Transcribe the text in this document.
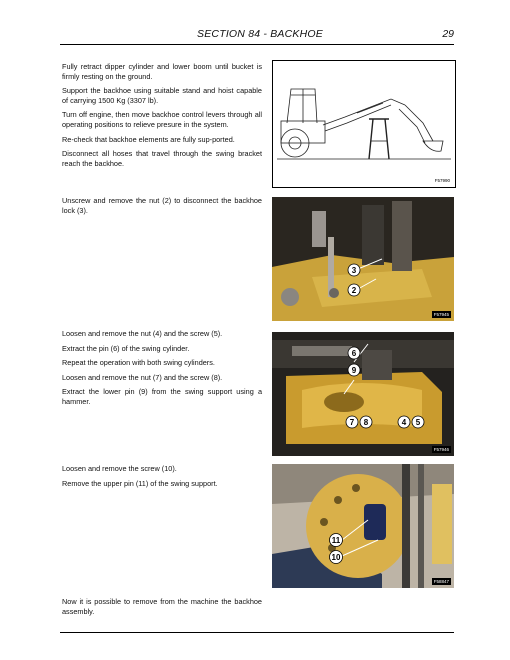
SECTION 84 - BACKHOE	29

Fully retract dipper cylinder and lower boom until bucket is firmly resting on the ground.

Support the backhoe using suitable stand and hoist capable of carrying 1500 Kg (3307 lb).

Turn off engine, then move backhoe control levers through all operating positions to relieve presure in the system.

Re-check that backhoe elements are fully sup-ported.

Disconnect all hoses that travel through the swing bracket reach the backhoe.

Unscrew and remove the nut (2) to disconnect the backhoe lock (3).

Loosen and remove the nut (4) and the screw (5).

Extract the pin (6) of the swing cylinder.

Repeat the operation with both swing cylinders.

Loosen and remove the nut (7) and the screw (8).

Extract the lower pin (9) from the swing support using a hammer.

Loosen and remove the screw (10).

Remove the upper pin (11) of the swing support.

Now it is possible to remove from the machine the backhoe assembly.

F57990
3
2
F57945
6
9
7 8	4 5
F57946
11
10
F58847
